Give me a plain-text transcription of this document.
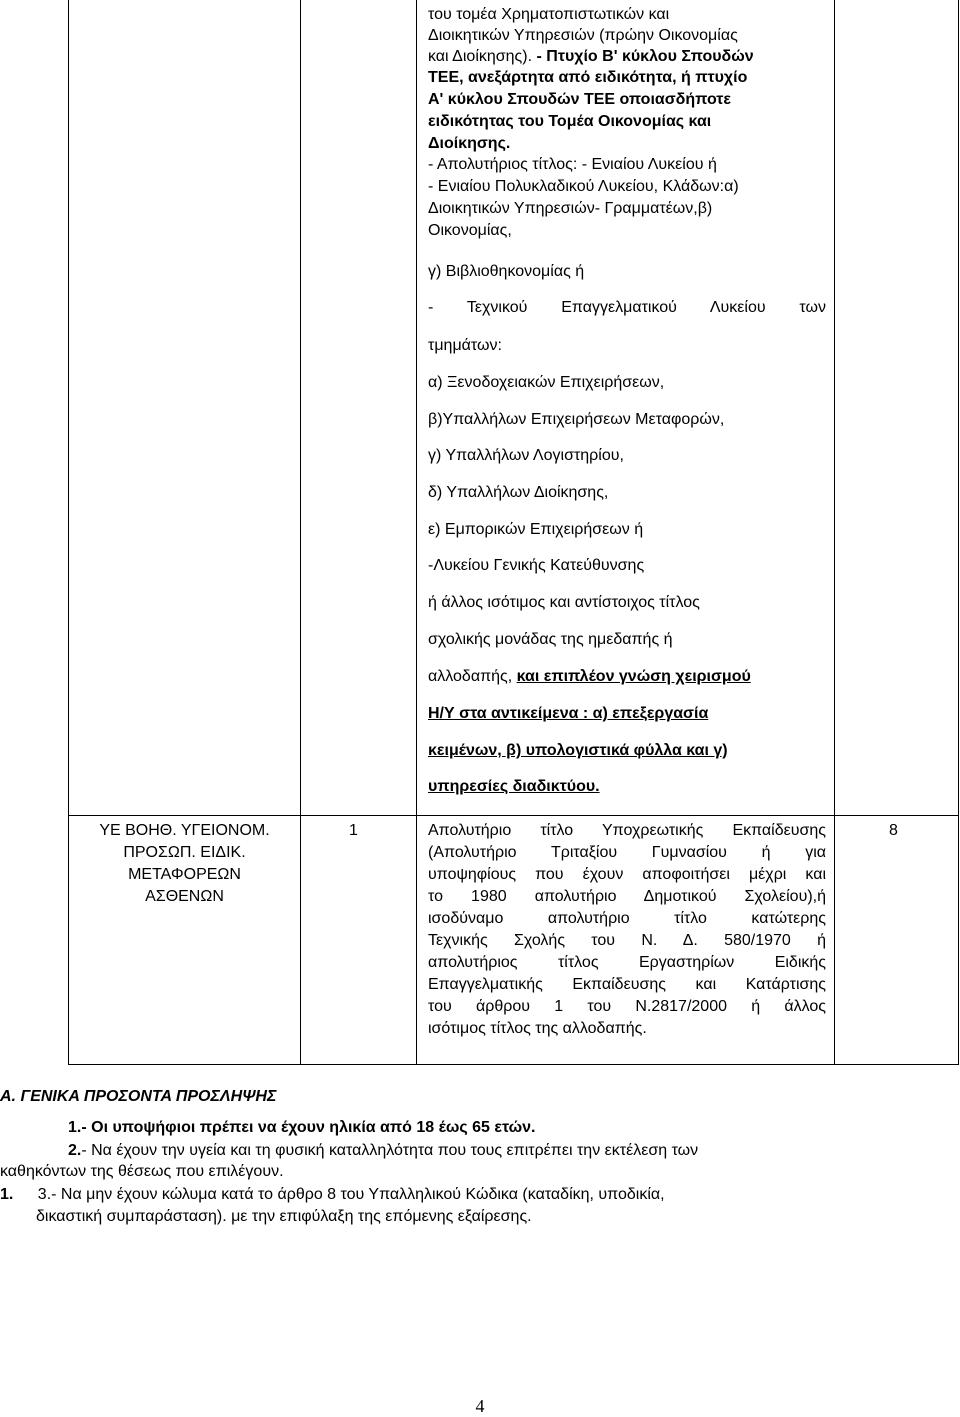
του τομέα Χρηματοπιστωτικών και
Διοικητικών Υπηρεσιών (πρώην Οικονομίας
και Διοίκησης). - Πτυχίο Β' κύκλου Σπουδών
ΤΕΕ, ανεξάρτητα από ειδικότητα, ή πτυχίο
Α' κύκλου Σπουδών ΤΕΕ οποιασδήποτε
ειδικότητας του Τομέα Οικονομίας και
Διοίκησης.
- Απολυτήριος τίτλος: - Ενιαίου Λυκείου ή
- Ενιαίου Πολυκλαδικού Λυκείου, Κλάδων:α)
Διοικητικών Υπηρεσιών- Γραμματέων,β)
Οικονομίας,
γ) Βιβλιοθηκονομίας ή
- Τεχνικού Επαγγελματικού Λυκείου των
τμημάτων:
α) Ξενοδοχειακών Επιχειρήσεων,
β)Υπαλλήλων Επιχειρήσεων Μεταφορών,
γ) Υπαλλήλων Λογιστηρίου,
δ) Υπαλλήλων Διοίκησης,
ε) Εμπορικών Επιχειρήσεων ή
-Λυκείου Γενικής Κατεύθυνσης
ή άλλος ισότιμος και αντίστοιχος τίτλος
σχολικής μονάδας της ημεδαπής ή
αλλοδαπής, και επιπλέον γνώση χειρισμού
Η/Υ στα αντικείμενα : α) επεξεργασία
κειμένων, β) υπολογιστικά φύλλα και γ)
υπηρεσίες διαδικτύου.
ΥΕ ΒΟΗΘ. ΥΓΕΙΟΝΟΜ.
ΠΡΟΣΩΠ. ΕΙΔΙΚ.
ΜΕΤΑΦΟΡΕΩΝ
ΑΣΘΕΝΩΝ
1	Απολυτήριο τίτλο Υποχρεωτικής Εκπαίδευσης
(Απολυτήριο Τριταξίου Γυμνασίου ή για
υποψηφίους που έχουν αποφοιτήσει μέχρι και
το 1980 απολυτήριο Δημοτικού Σχολείου),ή
ισοδύναμο απολυτήριο τίτλο κατώτερης
Τεχνικής Σχολής του Ν. Δ. 580/1970 ή
απολυτήριος τίτλος Εργαστηρίων Ειδικής
Επαγγελματικής Εκπαίδευσης και Κατάρτισης
του άρθρου 1 του Ν.2817/2000 ή άλλος
ισότιμος τίτλος της αλλοδαπής.
8
Α. ΓΕΝΙΚΑ ΠΡΟΣΟΝΤΑ ΠΡΟΣΛΗΨΗΣ
1.- Οι υποψήφιοι πρέπει να έχουν ηλικία από 18 έως 65 ετών.
2.- Να έχουν την υγεία και τη φυσική καταλληλότητα που τους επιτρέπει την εκτέλεση των
καθηκόντων της θέσεως που επιλέγουν.
1. 3.- Να μην έχουν κώλυμα κατά το άρθρο 8 του Υπαλληλικού Κώδικα (καταδίκη, υποδικία,
δικαστική συμπαράσταση). με την επιφύλαξη της επόμενης εξαίρεσης.
4
